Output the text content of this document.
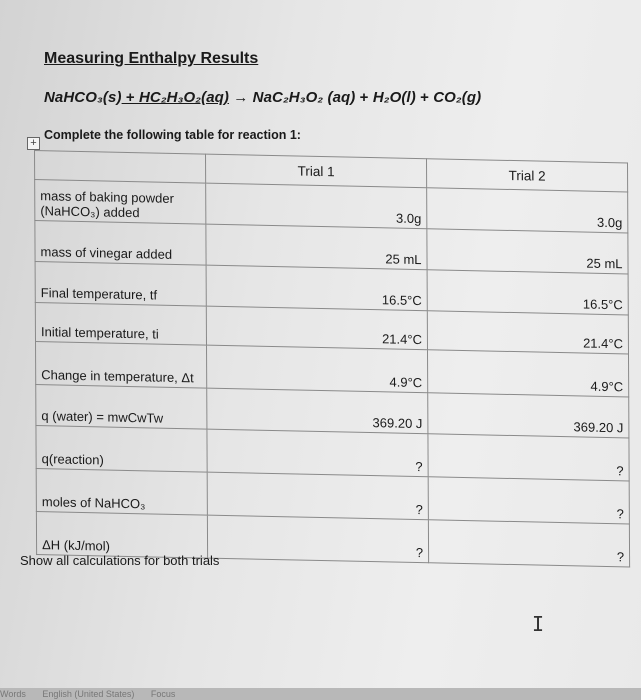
Measuring Enthalpy Results
NaHCO₃(s) + HC₂H₃O₂(aq) → NaC₂H₃O₂ (aq) + H₂O(l) + CO₂(g)
Complete the following table for reaction 1:
+
	Trial 1	Trial 2
mass of baking powder (NaHCO₃) added	3.0g	3.0g
mass of vinegar added	25 mL	25 mL
Final temperature, tf	16.5°C	16.5°C
Initial temperature, ti	21.4°C	21.4°C
Change in temperature, Δt	4.9°C	4.9°C
q (water) = mwCwTw	369.20 J	369.20 J
q(reaction)	?	?
moles of NaHCO₃	?	?
ΔH (kJ/mol)	?	?
Show all calculations for both trials
I
Words English (United States) Focus
